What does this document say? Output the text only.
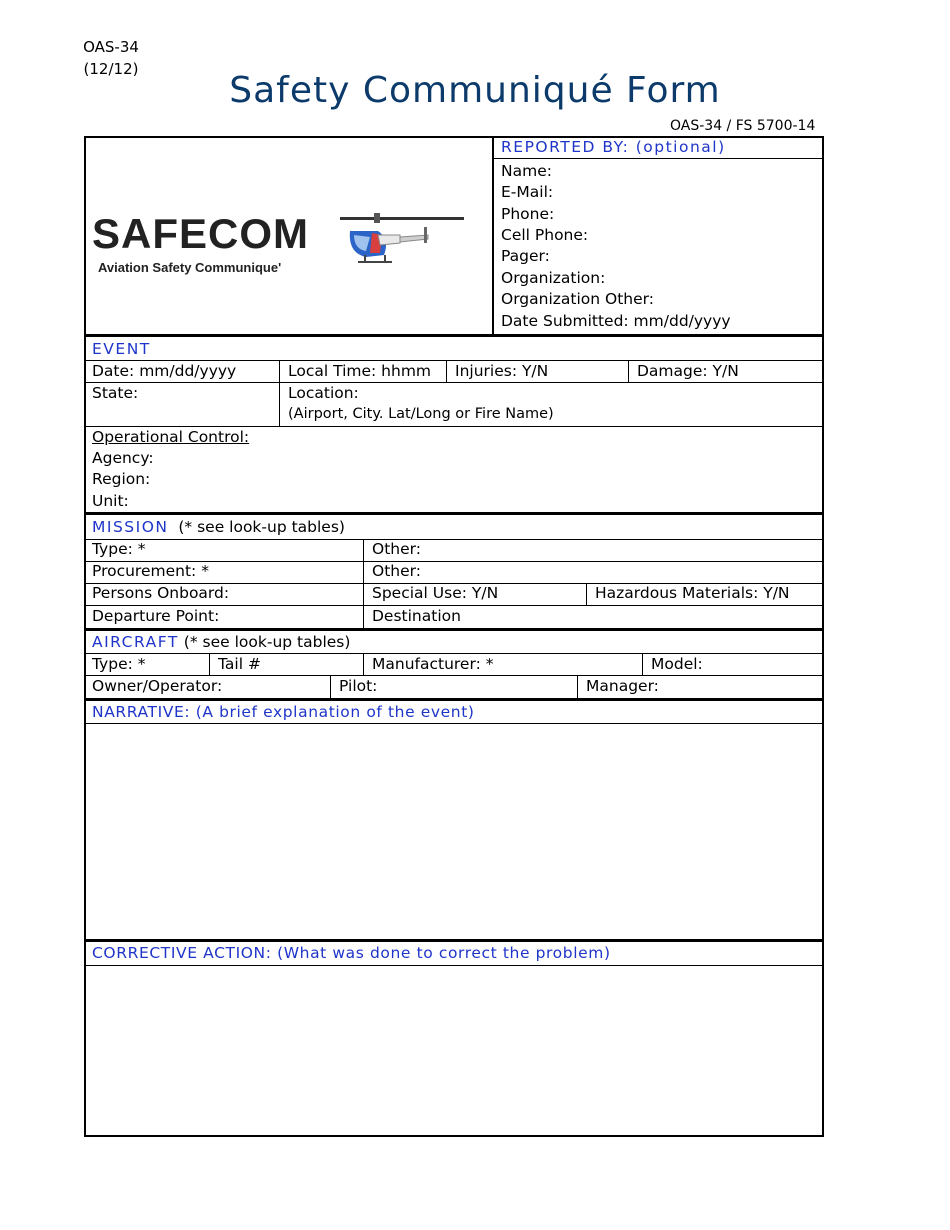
OAS-34
(12/12)
Safety Communiqué Form
OAS-34 / FS 5700-14
SAFECOM
Aviation Safety Communique'
REPORTED BY: (optional)
Name:
E-Mail:
Phone:
Cell Phone:
Pager:
Organization:
Organization Other:
Date Submitted: mm/dd/yyyy
EVENT
Date: mm/dd/yyyy	Local Time: hhmm Injuries: Y/N	Damage: Y/N
State:	Location:
(Airport, City. Lat/Long or Fire Name)
Operational Control:
Agency:
Region:
Unit:
MISSION (* see look-up tables)
Type: *	Other:
Procurement: *	Other:
Persons Onboard:	Special Use: Y/N	Hazardous Materials: Y/N
Departure Point:	Destination
AIRCRAFT (* see look-up tables)
Type: *	Tail #	Manufacturer: *	Model:
Owner/Operator:	Pilot:	Manager:
NARRATIVE: (A brief explanation of the event)
CORRECTIVE ACTION: (What was done to correct the problem)
